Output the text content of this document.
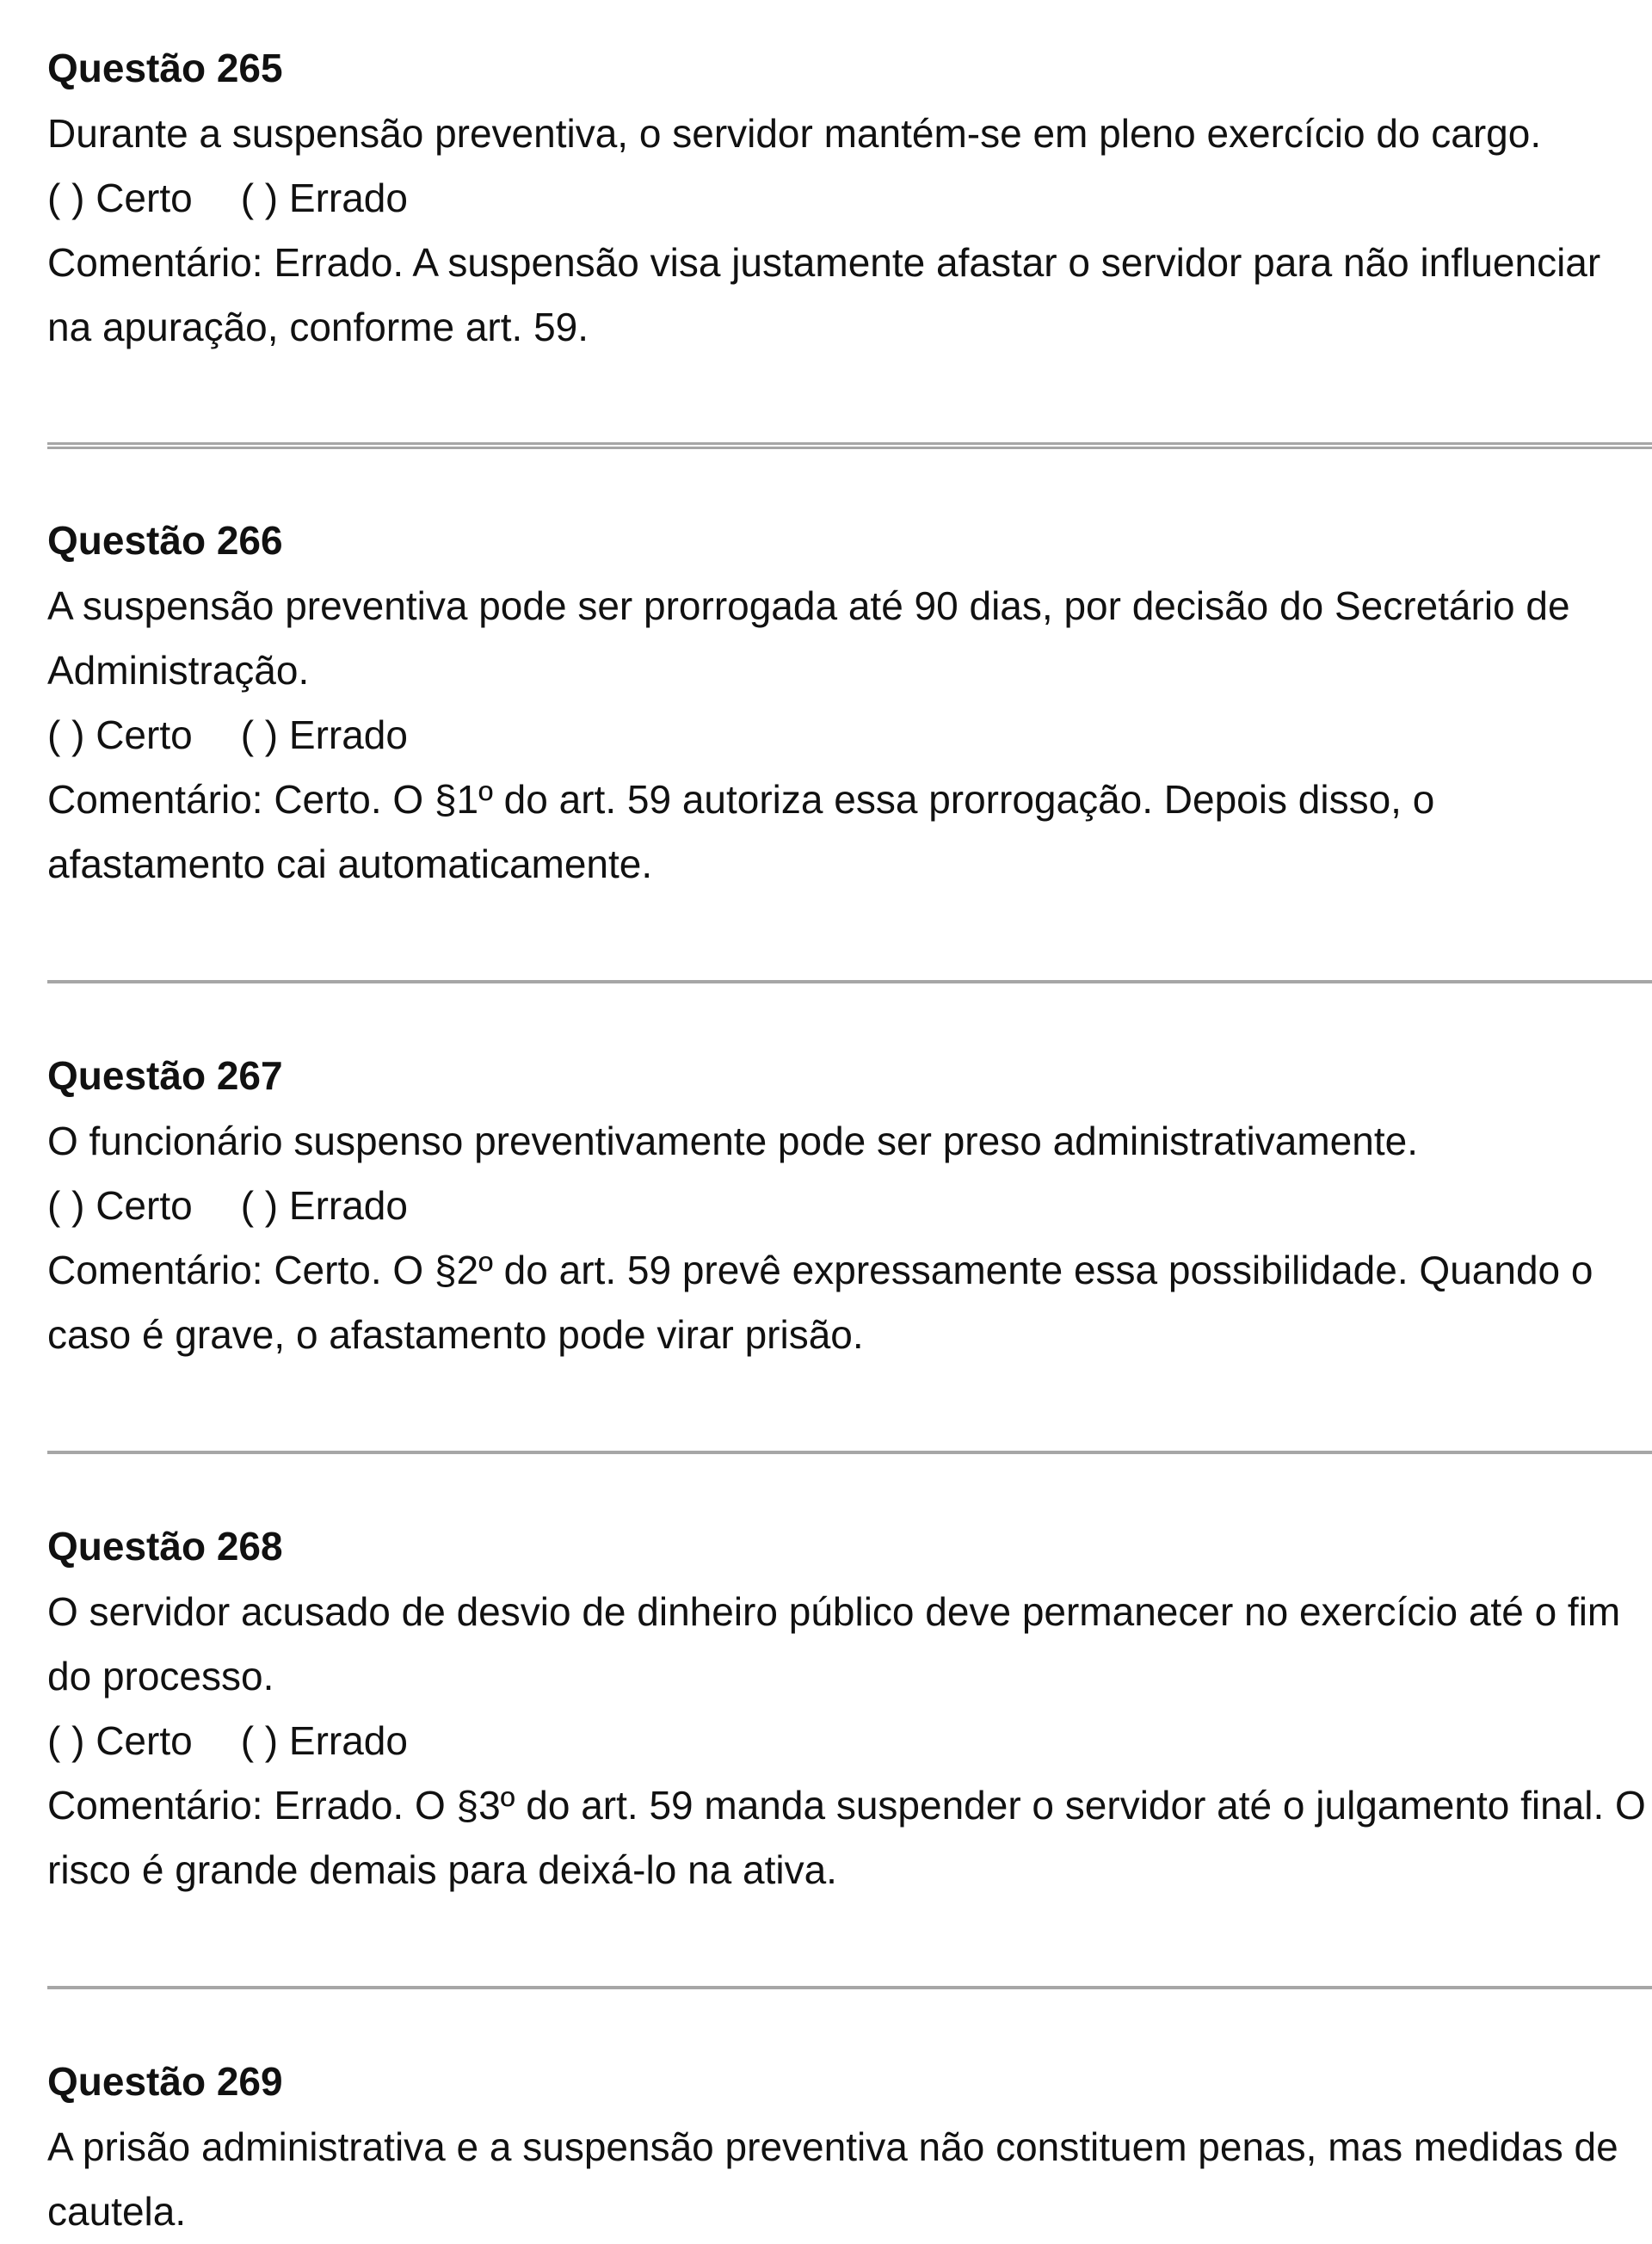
Questão 265

Durante a suspensão preventiva, o servidor mantém-se em pleno exercício do cargo.

( ) Certo ( ) Errado

Comentário: Errado. A suspensão visa justamente afastar o servidor para não influenciar na apuração, conforme art. 59.

Questão 266

A suspensão preventiva pode ser prorrogada até 90 dias, por decisão do Secretário de Administração.

( ) Certo ( ) Errado

Comentário: Certo. O §1º do art. 59 autoriza essa prorrogação. Depois disso, o afastamento cai automaticamente.

Questão 267

O funcionário suspenso preventivamente pode ser preso administrativamente.

( ) Certo ( ) Errado

Comentário: Certo. O §2º do art. 59 prevê expressamente essa possibilidade. Quando o caso é grave, o afastamento pode virar prisão.

Questão 268

O servidor acusado de desvio de dinheiro público deve permanecer no exercício até o fim do processo.

( ) Certo ( ) Errado

Comentário: Errado. O §3º do art. 59 manda suspender o servidor até o julgamento final. O risco é grande demais para deixá-lo na ativa.

Questão 269

A prisão administrativa e a suspensão preventiva não constituem penas, mas medidas de cautela.
